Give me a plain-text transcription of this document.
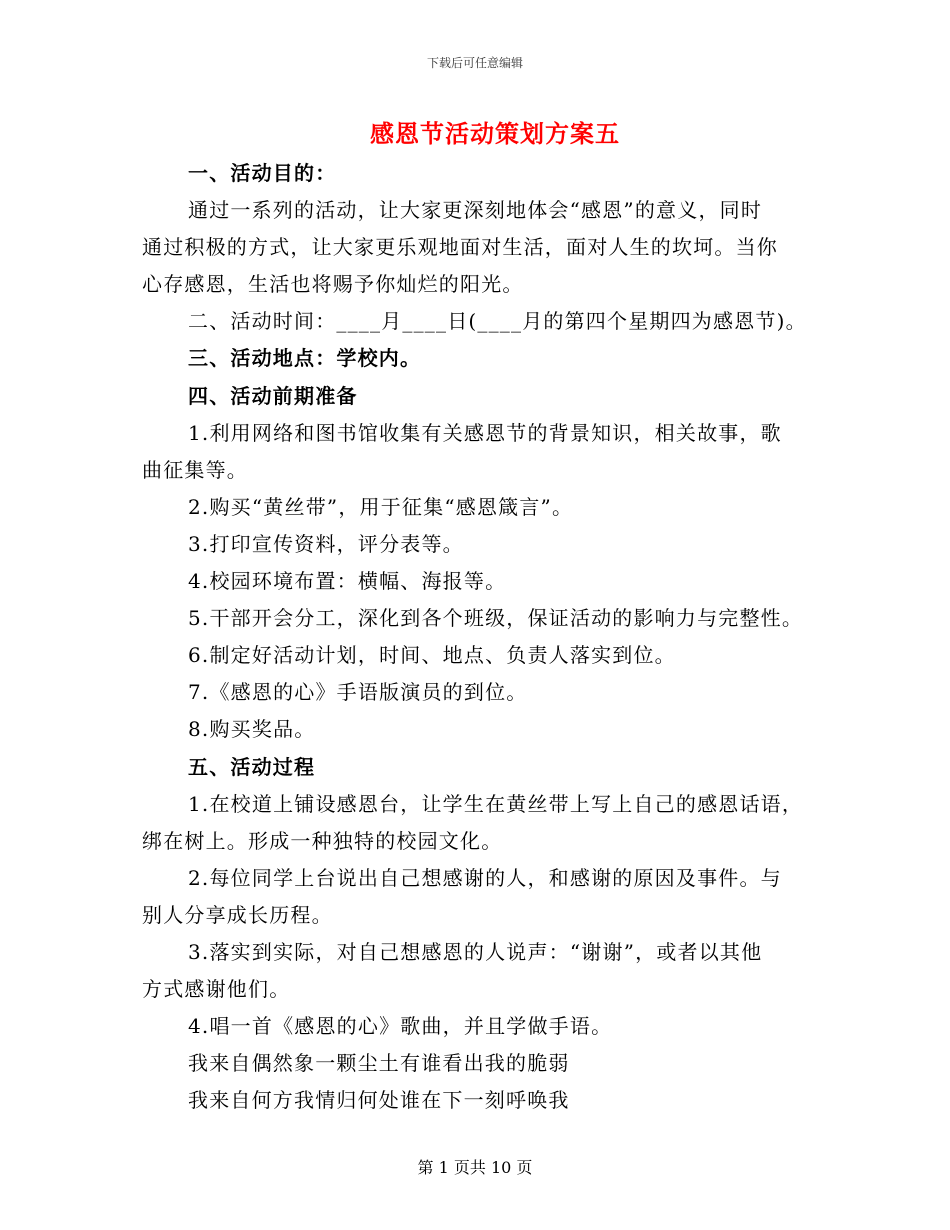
下载后可任意编辑
感恩节活动策划方案五
一、活动目的：
通过一系列的活动，让大家更深刻地体会“感恩”的意义，同时
通过积极的方式，让大家更乐观地面对生活，面对人生的坎坷。当你
心存感恩，生活也将赐予你灿烂的阳光。
二、活动时间：____月____日(____月的第四个星期四为感恩节)。
三、活动地点：学校内。
四、活动前期准备
1.利用网络和图书馆收集有关感恩节的背景知识，相关故事，歌
曲征集等。
2.购买“黄丝带”，用于征集“感恩箴言”。
3.打印宣传资料，评分表等。
4.校园环境布置：横幅、海报等。
5.干部开会分工，深化到各个班级，保证活动的影响力与完整性。
6.制定好活动计划，时间、地点、负责人落实到位。
7.《感恩的心》手语版演员的到位。
8.购买奖品。
五、活动过程
1.在校道上铺设感恩台，让学生在黄丝带上写上自己的感恩话语，
绑在树上。形成一种独特的校园文化。
2.每位同学上台说出自己想感谢的人，和感谢的原因及事件。与
别人分享成长历程。
3.落实到实际，对自己想感恩的人说声：“谢谢”，或者以其他
方式感谢他们。
4.唱一首《感恩的心》歌曲，并且学做手语。
我来自偶然象一颗尘土有谁看出我的脆弱
我来自何方我情归何处谁在下一刻呼唤我
第 1 页共 10 页
